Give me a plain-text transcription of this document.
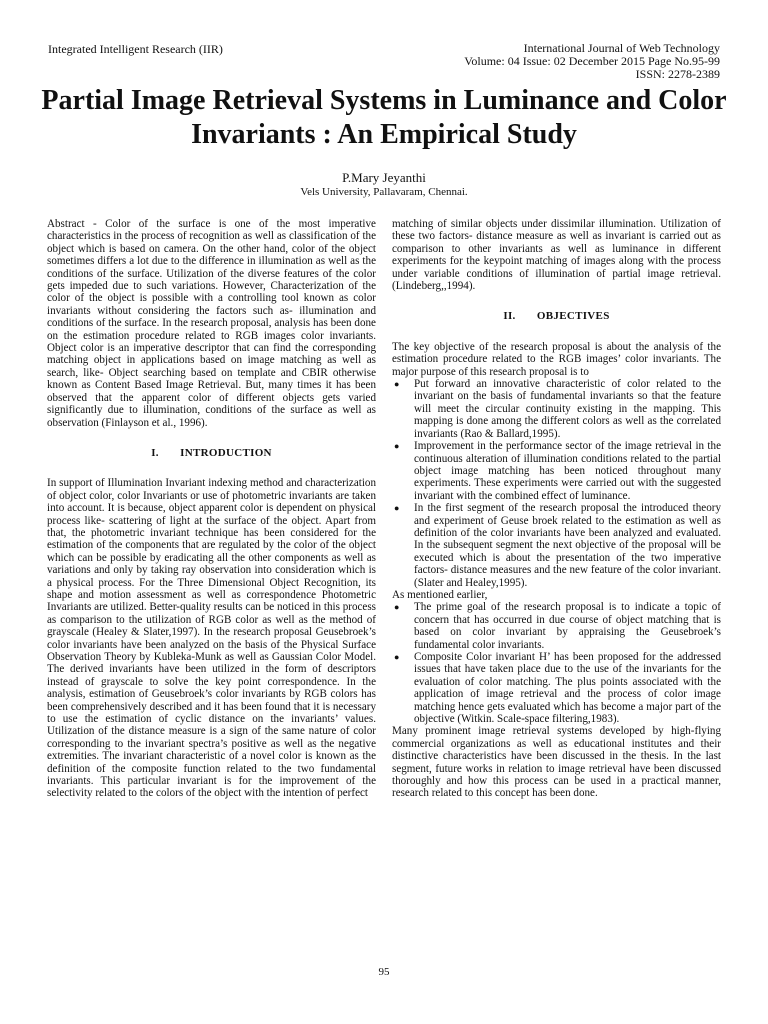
Integrated Intelligent Research (IIR)	International Journal of Web Technology
Volume: 04 Issue: 02 December 2015 Page No.95-99
ISSN: 2278-2389
Partial Image Retrieval Systems in Luminance and Color Invariants : An Empirical Study
P.Mary Jeyanthi
Vels University, Pallavaram, Chennai.

Abstract - Color of the surface is one of the most imperative characteristics in the process of recognition as well as classification of the object which is based on camera. On the other hand, color of the object sometimes differs a lot due to the difference in illumination as well as the conditions of the surface. Utilization of the diverse features of the color gets impeded due to such variations. However, Characterization of the color of the object is possible with a controlling tool known as color invariants without considering the factors such as- illumination and conditions of the surface. In the research proposal, analysis has been done on the estimation procedure related to RGB images color invariants. Object color is an imperative descriptor that can find the corresponding matching object in applications based on image matching as well as search, like- Object searching based on template and CBIR otherwise known as Content Based Image Retrieval. But, many times it has been observed that the apparent color of different objects gets varied significantly due to illumination, conditions of the surface as well as observation (Finlayson et al., 1996).

I.       INTRODUCTION

In support of Illumination Invariant indexing method and characterization of object color, color Invariants or use of photometric invariants are taken into account. It is because, object apparent color is dependent on physical process like- scattering of light at the surface of the object. Apart from that, the photometric invariant technique has been considered for the estimation of the components that are regulated by the color of the object which can be possible by eradicating all the other components as well as variations and only by taking ray observation into consideration which is a physical process. For the Three Dimensional Object Recognition, its shape and motion assessment as well as correspondence Photometric Invariants are utilized. Better-quality results can be noticed in this process as comparison to the utilization of RGB color as well as the method of grayscale (Healey & Slater,1997). In the research proposal Geusebroek’s color invariants have been analyzed on the basis of the Physical Surface Observation Theory by Kubleka-Munk as well as Gaussian Color Model. The derived invariants have been utilized in the form of descriptors instead of grayscale to solve the key point correspondence. In the analysis, estimation of Geusebroek’s color invariants by RGB colors has been comprehensively described and it has been found that it is necessary to use the estimation of cyclic distance on the invariants’ values. Utilization of the distance measure is a sign of the same nature of color corresponding to the invariant spectra’s positive as well as the negative extremities. The invariant characteristic of a novel color is known as the definition of the composite function related to the two fundamental invariants. This particular invariant is for the improvement of the selectivity related to the colors of the object with the intention of perfect

matching of similar objects under dissimilar illumination. Utilization of these two factors- distance measure as well as invariant is carried out as comparison to other invariants as well as luminance in different experiments for the keypoint matching of images along with the process under variable conditions of illumination of partial image retrieval. (Lindeberg,,1994).

II.       OBJECTIVES

The key objective of the research proposal is about the analysis of the estimation procedure related to the RGB images’ color invariants. The major purpose of this research proposal is to

● Put forward an innovative characteristic of color related to the invariant on the basis of fundamental invariants so that the feature will meet the circular continuity existing in the mapping. This mapping is done among the different colors as well as the correlated invariants (Rao & Ballard,1995).
● Improvement in the performance sector of the image retrieval in the continuous alteration of illumination conditions related to the partial object image matching has been noticed throughout many experiments. These experiments were carried out with the suggested invariant with the combined effect of luminance.
● In the first segment of the research proposal the introduced theory and experiment of Geuse broek related to the estimation as well as definition of the color invariants have been analyzed and evaluated. In the subsequent segment the next objective of the proposal will be executed which is about the presentation of the two imperative factors- distance measures and the new feature of the color invariant. (Slater and Healey,1995).

As mentioned earlier,

● The prime goal of the research proposal is to indicate a topic of concern that has occurred in due course of object matching that is based on color invariant by appraising the Geusebroek’s fundamental color invariants.
● Composite Color invariant H’ has been proposed for the addressed issues that have taken place due to the use of the invariants for the evaluation of color matching. The plus points associated with the application of image retrieval and the process of color image matching hence gets evaluated which has become a major part of the objective (Witkin. Scale-space filtering,1983).

Many prominent image retrieval systems developed by high-flying commercial organizations as well as educational institutes and their distinctive characteristics have been discussed in the thesis. In the last segment, future works in relation to image retrieval have been discussed thoroughly and how this process can be used in a practical manner, research related to this concept has been done.

95
